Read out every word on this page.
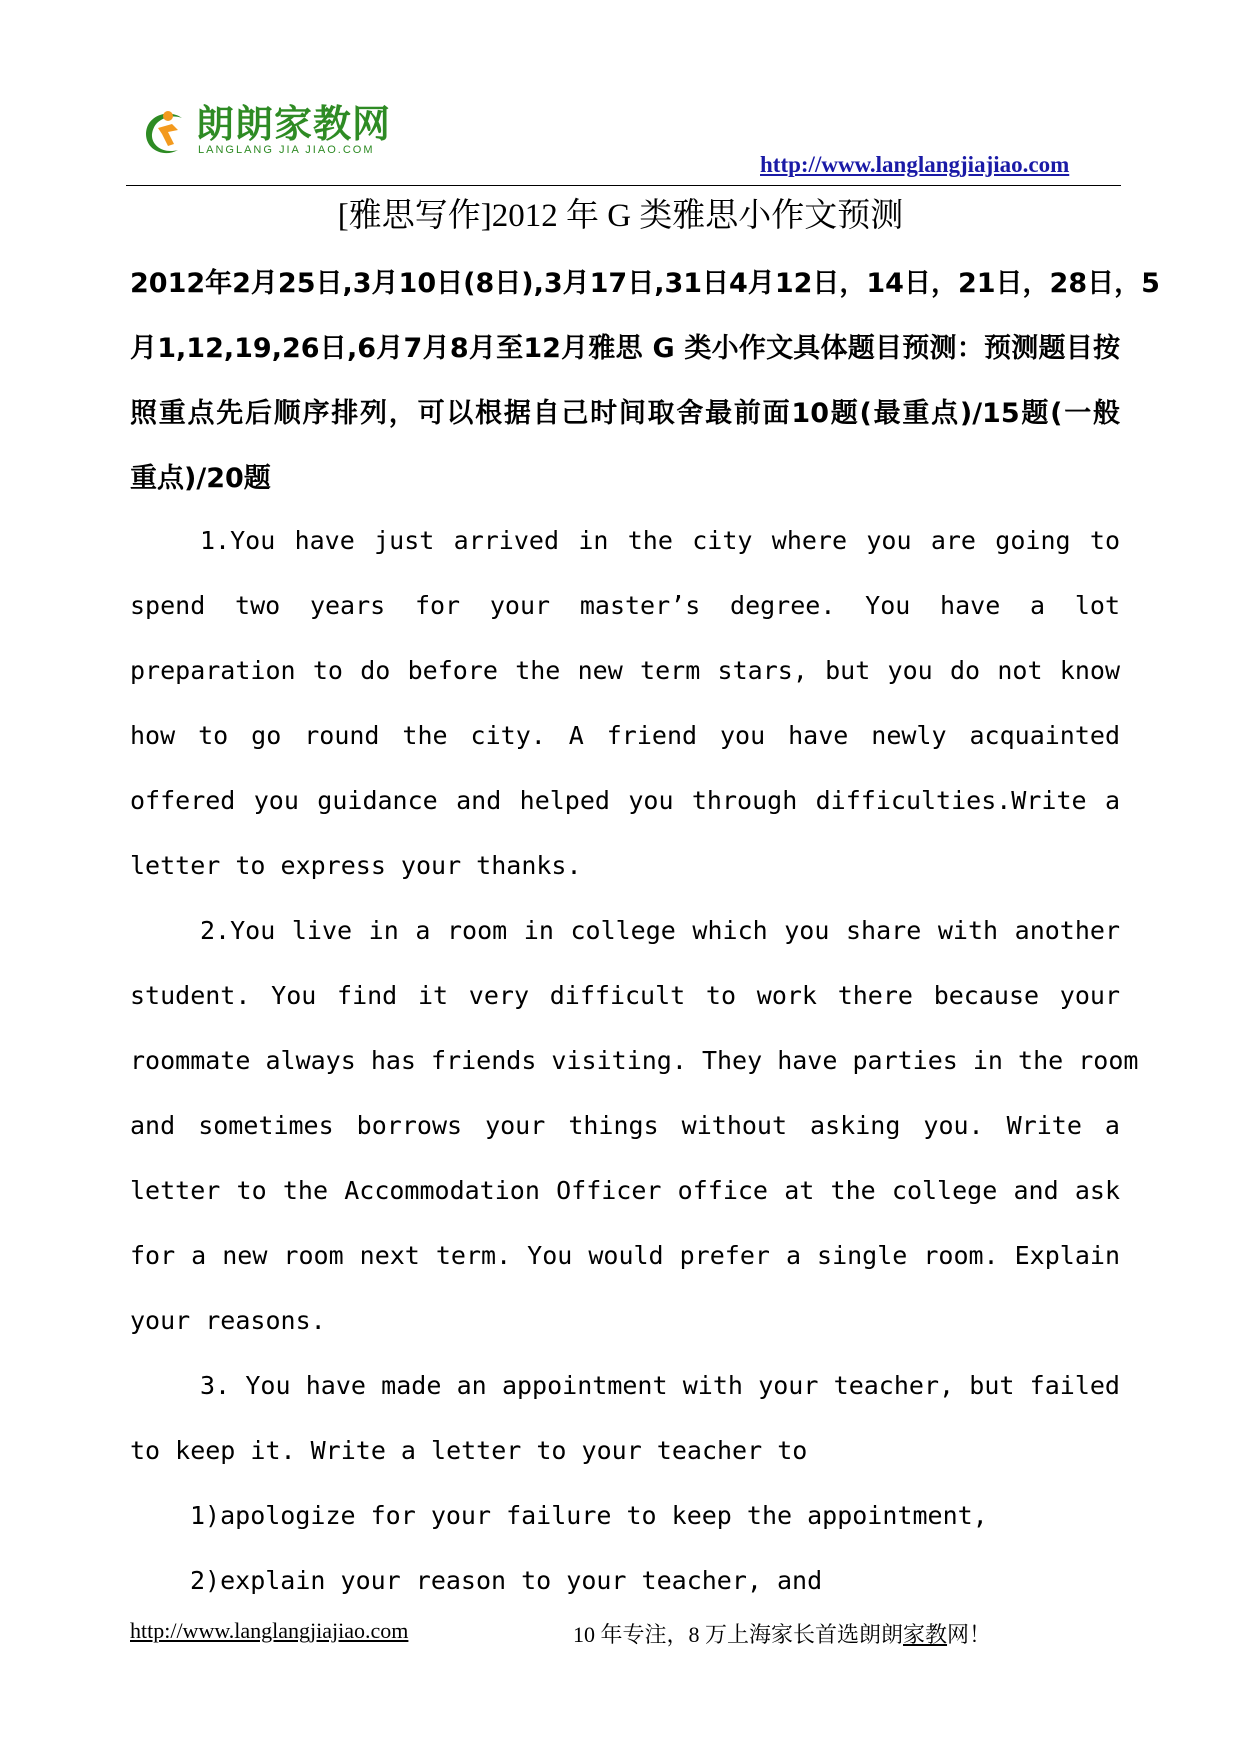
朗朗家教网
LANGLANG JIA JIAO.COM
http://www.langlangjiajiao.com
[雅思写作]2012 年 G 类雅思小作文预测
2012年2月25日,3月10日(8日),3月17日,31日4月12日，14日，21日，28日，5
月1,12,19,26日,6月7月8月至12月雅思 G 类小作文具体题目预测：预测题目按
照重点先后顺序排列，可以根据自己时间取舍最前面10题(最重点)/15题(一般
重点)/20题
1.You have just arrived in the city where you are going to
spend two years for your master’s degree. You have a lot
preparation to do before the new term stars, but you do not know
how to go round the city. A friend you have newly acquainted
offered you guidance and helped you through difficulties.Write a
letter to express your thanks.
2.You live in a room in college which you share with another
student. You find it very difficult to work there because your
roommate always has friends visiting. They have parties in the room
and sometimes borrows your things without asking you. Write a
letter to the Accommodation Officer office at the college and ask
for a new room next term. You would prefer a single room. Explain
your reasons.
3. You have made an appointment with your teacher, but failed
to keep it. Write a letter to your teacher to
1)apologize for your failure to keep the appointment,
2)explain your reason to your teacher, and
http://www.langlangjiajiao.com	10 年专注，8 万上海家长首选朗朗家教网！
